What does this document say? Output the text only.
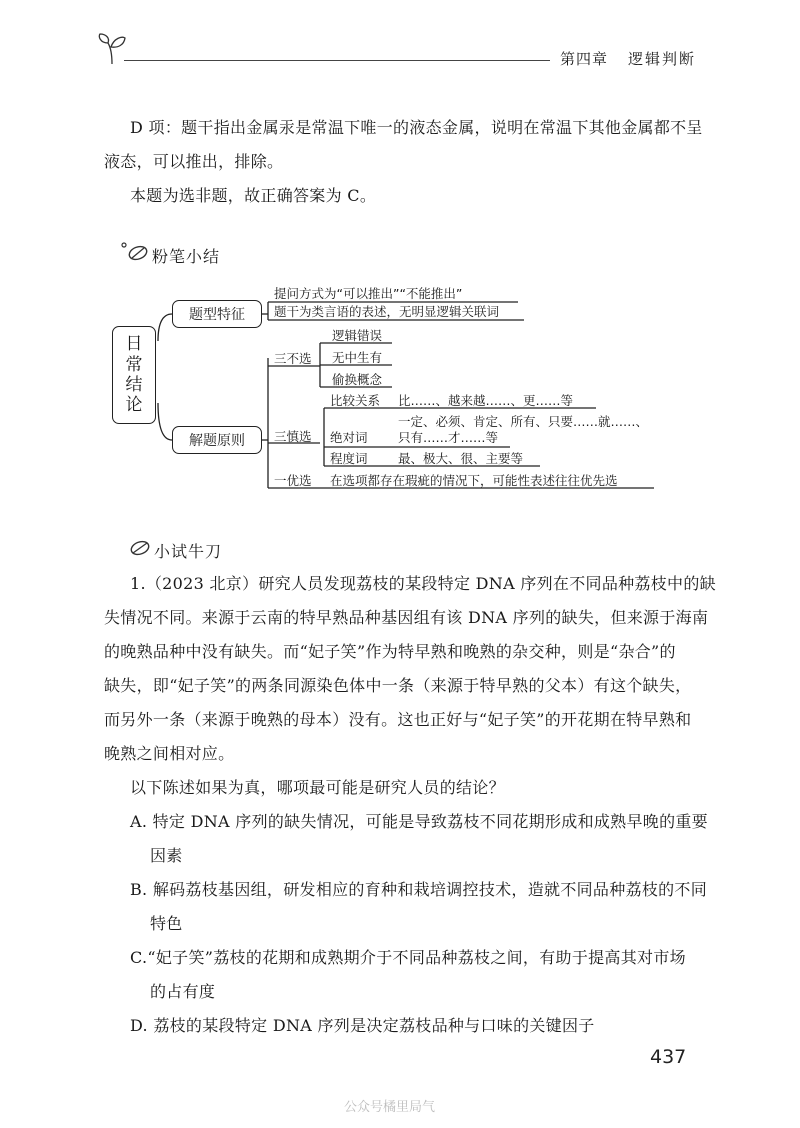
第四章 逻辑判断
D 项：题干指出金属汞是常温下唯一的液态金属，说明在常温下其他金属都不呈
液态，可以推出，排除。
本题为选非题，故正确答案为 C。
粉笔小结
日
常
结
论
题型特征
解题原则
提问方式为“可以推出”“不能推出”
题干为类言语的表述，无明显逻辑关联词
三不选
逻辑错误
无中生有
偷换概念
三慎选
比较关系 比……、越来越……、更……等
绝对词
一定、必须、肯定、所有、只要……就……、
只有……才……等
程度词 最、极大、很、主要等
一优选 在选项都存在瑕疵的情况下，可能性表述往往优先选
小试牛刀
1.（2023 北京）研究人员发现荔枝的某段特定 DNA 序列在不同品种荔枝中的缺
失情况不同。来源于云南的特早熟品种基因组有该 DNA 序列的缺失，但来源于海南
的晚熟品种中没有缺失。而“妃子笑”作为特早熟和晚熟的杂交种，则是“杂合”的
缺失，即“妃子笑”的两条同源染色体中一条（来源于特早熟的父本）有这个缺失，
而另外一条（来源于晚熟的母本）没有。这也正好与“妃子笑”的开花期在特早熟和
晚熟之间相对应。
以下陈述如果为真，哪项最可能是研究人员的结论？
A. 特定 DNA 序列的缺失情况，可能是导致荔枝不同花期形成和成熟早晚的重要
因素
B. 解码荔枝基因组，研发相应的育种和栽培调控技术，造就不同品种荔枝的不同
特色
C.“妃子笑”荔枝的花期和成熟期介于不同品种荔枝之间，有助于提高其对市场
的占有度
D. 荔枝的某段特定 DNA 序列是决定荔枝品种与口味的关键因子
437
公众号橘里局气
